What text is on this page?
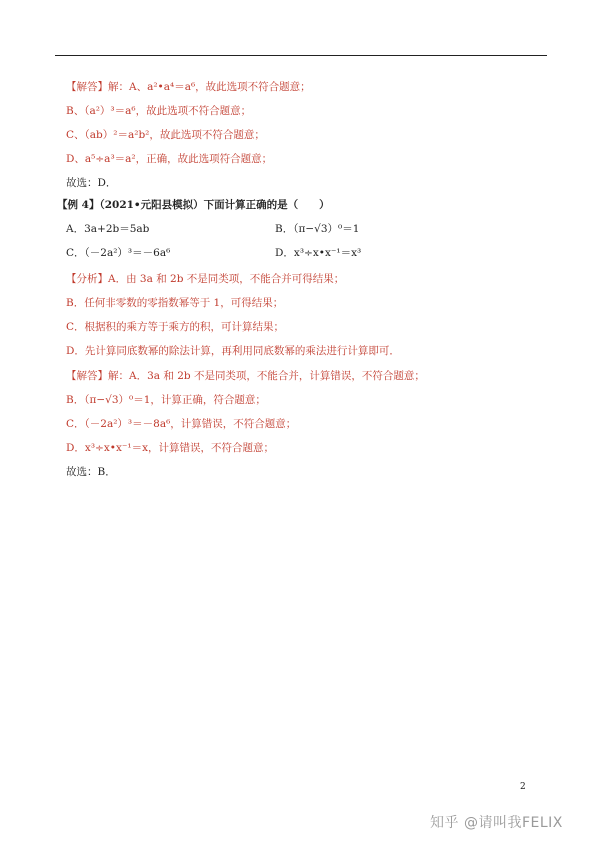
【解答】解：A、a²•a⁴＝a⁶，故此选项不符合题意；
B、（a²）³＝a⁶，故此选项不符合题意；
C、（ab）²＝a²b²，故此选项不符合题意；
D、a⁵÷a³＝a²，正确，故此选项符合题意；
故选：D．
【例 4】（2021•元阳县模拟）下面计算正确的是（　　）
A．3a+2b＝5ab	B．（π−√3）⁰＝1
C．（－2a²）³＝－6a⁶	D．x³÷x•x⁻¹＝x³
【分析】A．由 3a 和 2b 不是同类项，不能合并可得结果；
B．任何非零数的零指数幂等于 1，可得结果；
C．根据积的乘方等于乘方的积，可计算结果；
D．先计算同底数幂的除法计算，再利用同底数幂的乘法进行计算即可．
【解答】解：A．3a 和 2b 不是同类项，不能合并，计算错误，不符合题意；
B．（π−√3）⁰＝1，计算正确，符合题意；
C．（－2a²）³＝－8a⁶，计算错误，不符合题意；
D．x³÷x•x⁻¹＝x，计算错误，不符合题意；
故选：B．
2
知乎 @请叫我FELIX
